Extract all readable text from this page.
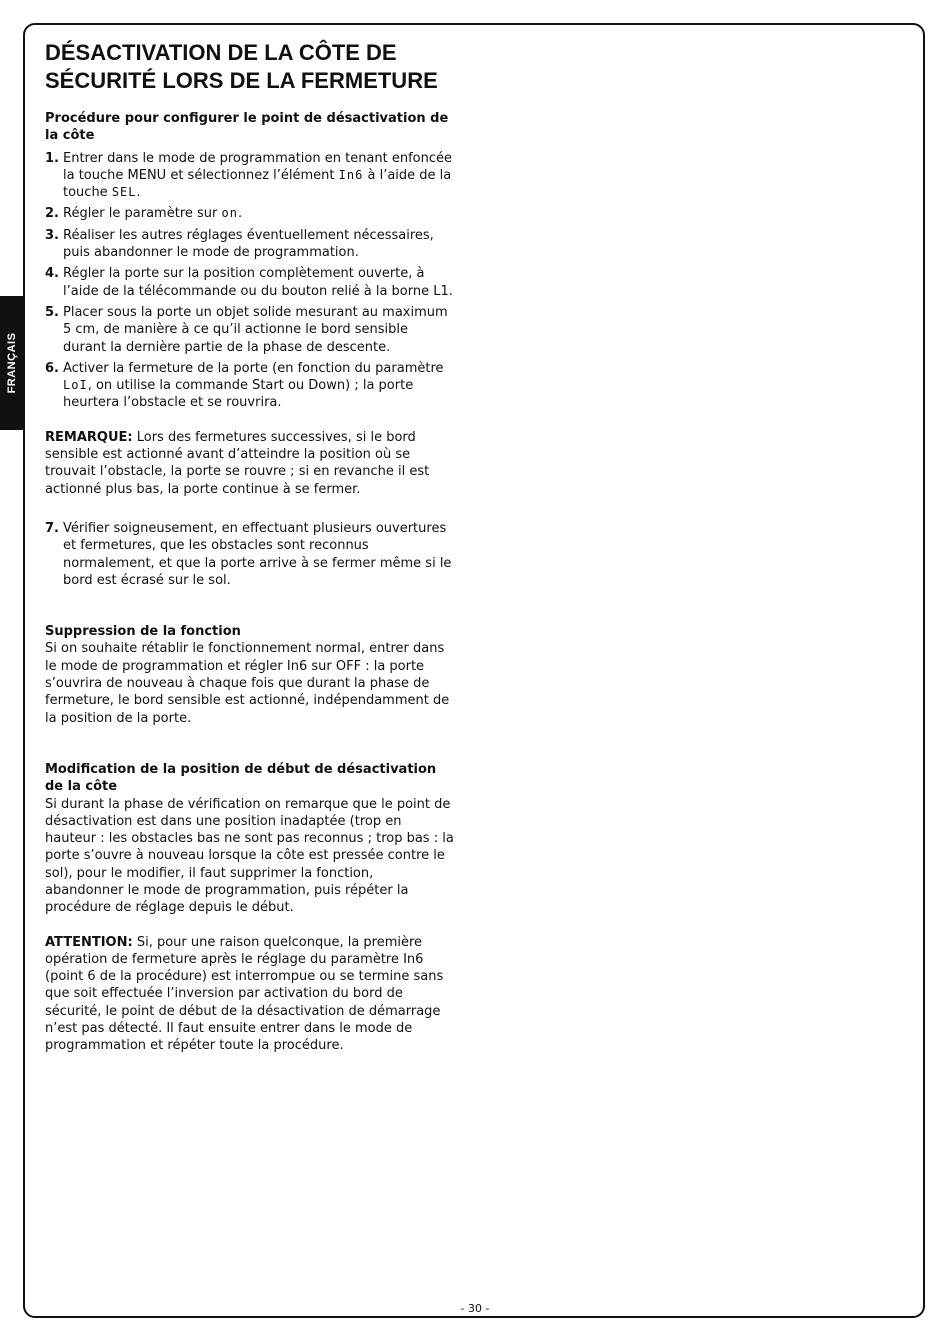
FRANÇAIS
DÉSACTIVATION DE LA CÔTE DE
SÉCURITÉ LORS DE LA FERMETURE

Procédure pour configurer le point de désactivation de la côte

1. Entrer dans le mode de programmation en tenant enfoncée la touche MENU et sélectionnez l’élément In6 à l’aide de la touche SEL.
2. Régler le paramètre sur on.
3. Réaliser les autres réglages éventuellement nécessaires, puis abandonner le mode de programmation.
4. Régler la porte sur la position complètement ouverte, à l’aide de la télécommande ou du bouton relié à la borne L1.
5. Placer sous la porte un objet solide mesurant au maximum 5 cm, de manière à ce qu’il actionne le bord sensible durant la dernière partie de la phase de descente.
6. Activer la fermeture de la porte (en fonction du paramètre LoI, on utilise la commande Start ou Down) ; la porte heurtera l’obstacle et se rouvrira.

REMARQUE: Lors des fermetures successives, si le bord sensible est actionné avant d’atteindre la position où se trouvait l’obstacle, la porte se rouvre ; si en revanche il est actionné plus bas, la porte continue à se fermer.

7. Vérifier soigneusement, en effectuant plusieurs ouvertures et fermetures, que les obstacles sont reconnus normalement, et que la porte arrive à se fermer même si le bord est écrasé sur le sol.

Suppression de la fonction

Si on souhaite rétablir le fonctionnement normal, entrer dans le mode de programmation et régler In6 sur OFF : la porte s’ouvrira de nouveau à chaque fois que durant la phase de fermeture, le bord sensible est actionné, indépendamment de la position de la porte.

Modification de la position de début de désactivation de la côte

Si durant la phase de vérification on remarque que le point de désactivation est dans une position inadaptée (trop en hauteur : les obstacles bas ne sont pas reconnus ; trop bas : la porte s’ouvre à nouveau lorsque la côte est pressée contre le sol), pour le modifier, il faut supprimer la fonction, abandonner le mode de programmation, puis répéter la procédure de réglage depuis le début.

ATTENTION: Si, pour une raison quelconque, la première opération de fermeture après le réglage du paramètre In6 (point 6 de la procédure) est interrompue ou se termine sans que soit effectuée l’inversion par activation du bord de sécurité, le point de début de la désactivation de démarrage n’est pas détecté. Il faut ensuite entrer dans le mode de programmation et répéter toute la procédure.

- 30 -
